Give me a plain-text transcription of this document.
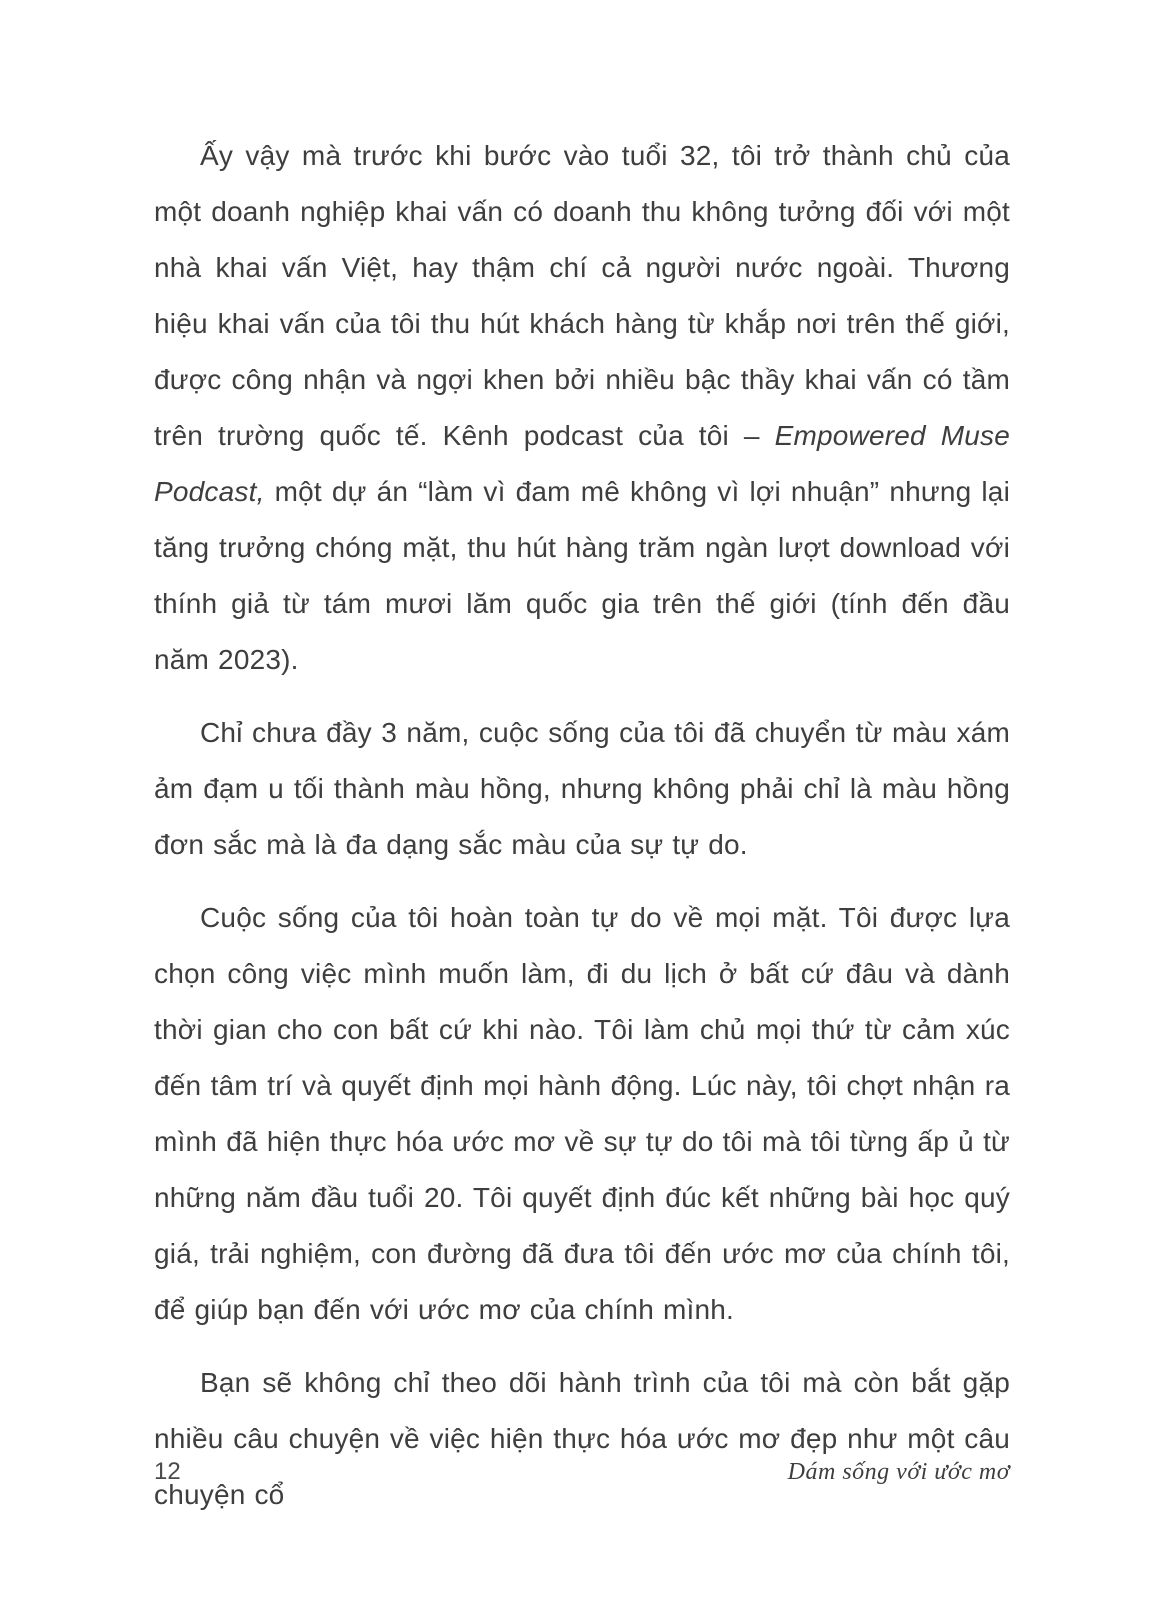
Ấy vậy mà trước khi bước vào tuổi 32, tôi trở thành chủ của một doanh nghiệp khai vấn có doanh thu không tưởng đối với một nhà khai vấn Việt, hay thậm chí cả người nước ngoài. Thương hiệu khai vấn của tôi thu hút khách hàng từ khắp nơi trên thế giới, được công nhận và ngợi khen bởi nhiều bậc thầy khai vấn có tầm trên trường quốc tế. Kênh podcast của tôi – Empowered Muse Podcast, một dự án “làm vì đam mê không vì lợi nhuận” nhưng lại tăng trưởng chóng mặt, thu hút hàng trăm ngàn lượt download với thính giả từ tám mươi lăm quốc gia trên thế giới (tính đến đầu năm 2023).

Chỉ chưa đầy 3 năm, cuộc sống của tôi đã chuyển từ màu xám ảm đạm u tối thành màu hồng, nhưng không phải chỉ là màu hồng đơn sắc mà là đa dạng sắc màu của sự tự do.

Cuộc sống của tôi hoàn toàn tự do về mọi mặt. Tôi được lựa chọn công việc mình muốn làm, đi du lịch ở bất cứ đâu và dành thời gian cho con bất cứ khi nào. Tôi làm chủ mọi thứ từ cảm xúc đến tâm trí và quyết định mọi hành động. Lúc này, tôi chợt nhận ra mình đã hiện thực hóa ước mơ về sự tự do tôi mà tôi từng ấp ủ từ những năm đầu tuổi 20. Tôi quyết định đúc kết những bài học quý giá, trải nghiệm, con đường đã đưa tôi đến ước mơ của chính tôi, để giúp bạn đến với ước mơ của chính mình.

Bạn sẽ không chỉ theo dõi hành trình của tôi mà còn bắt gặp nhiều câu chuyện về việc hiện thực hóa ước mơ đẹp như một câu chuyện cổ

12	Dám sống với ước mơ
